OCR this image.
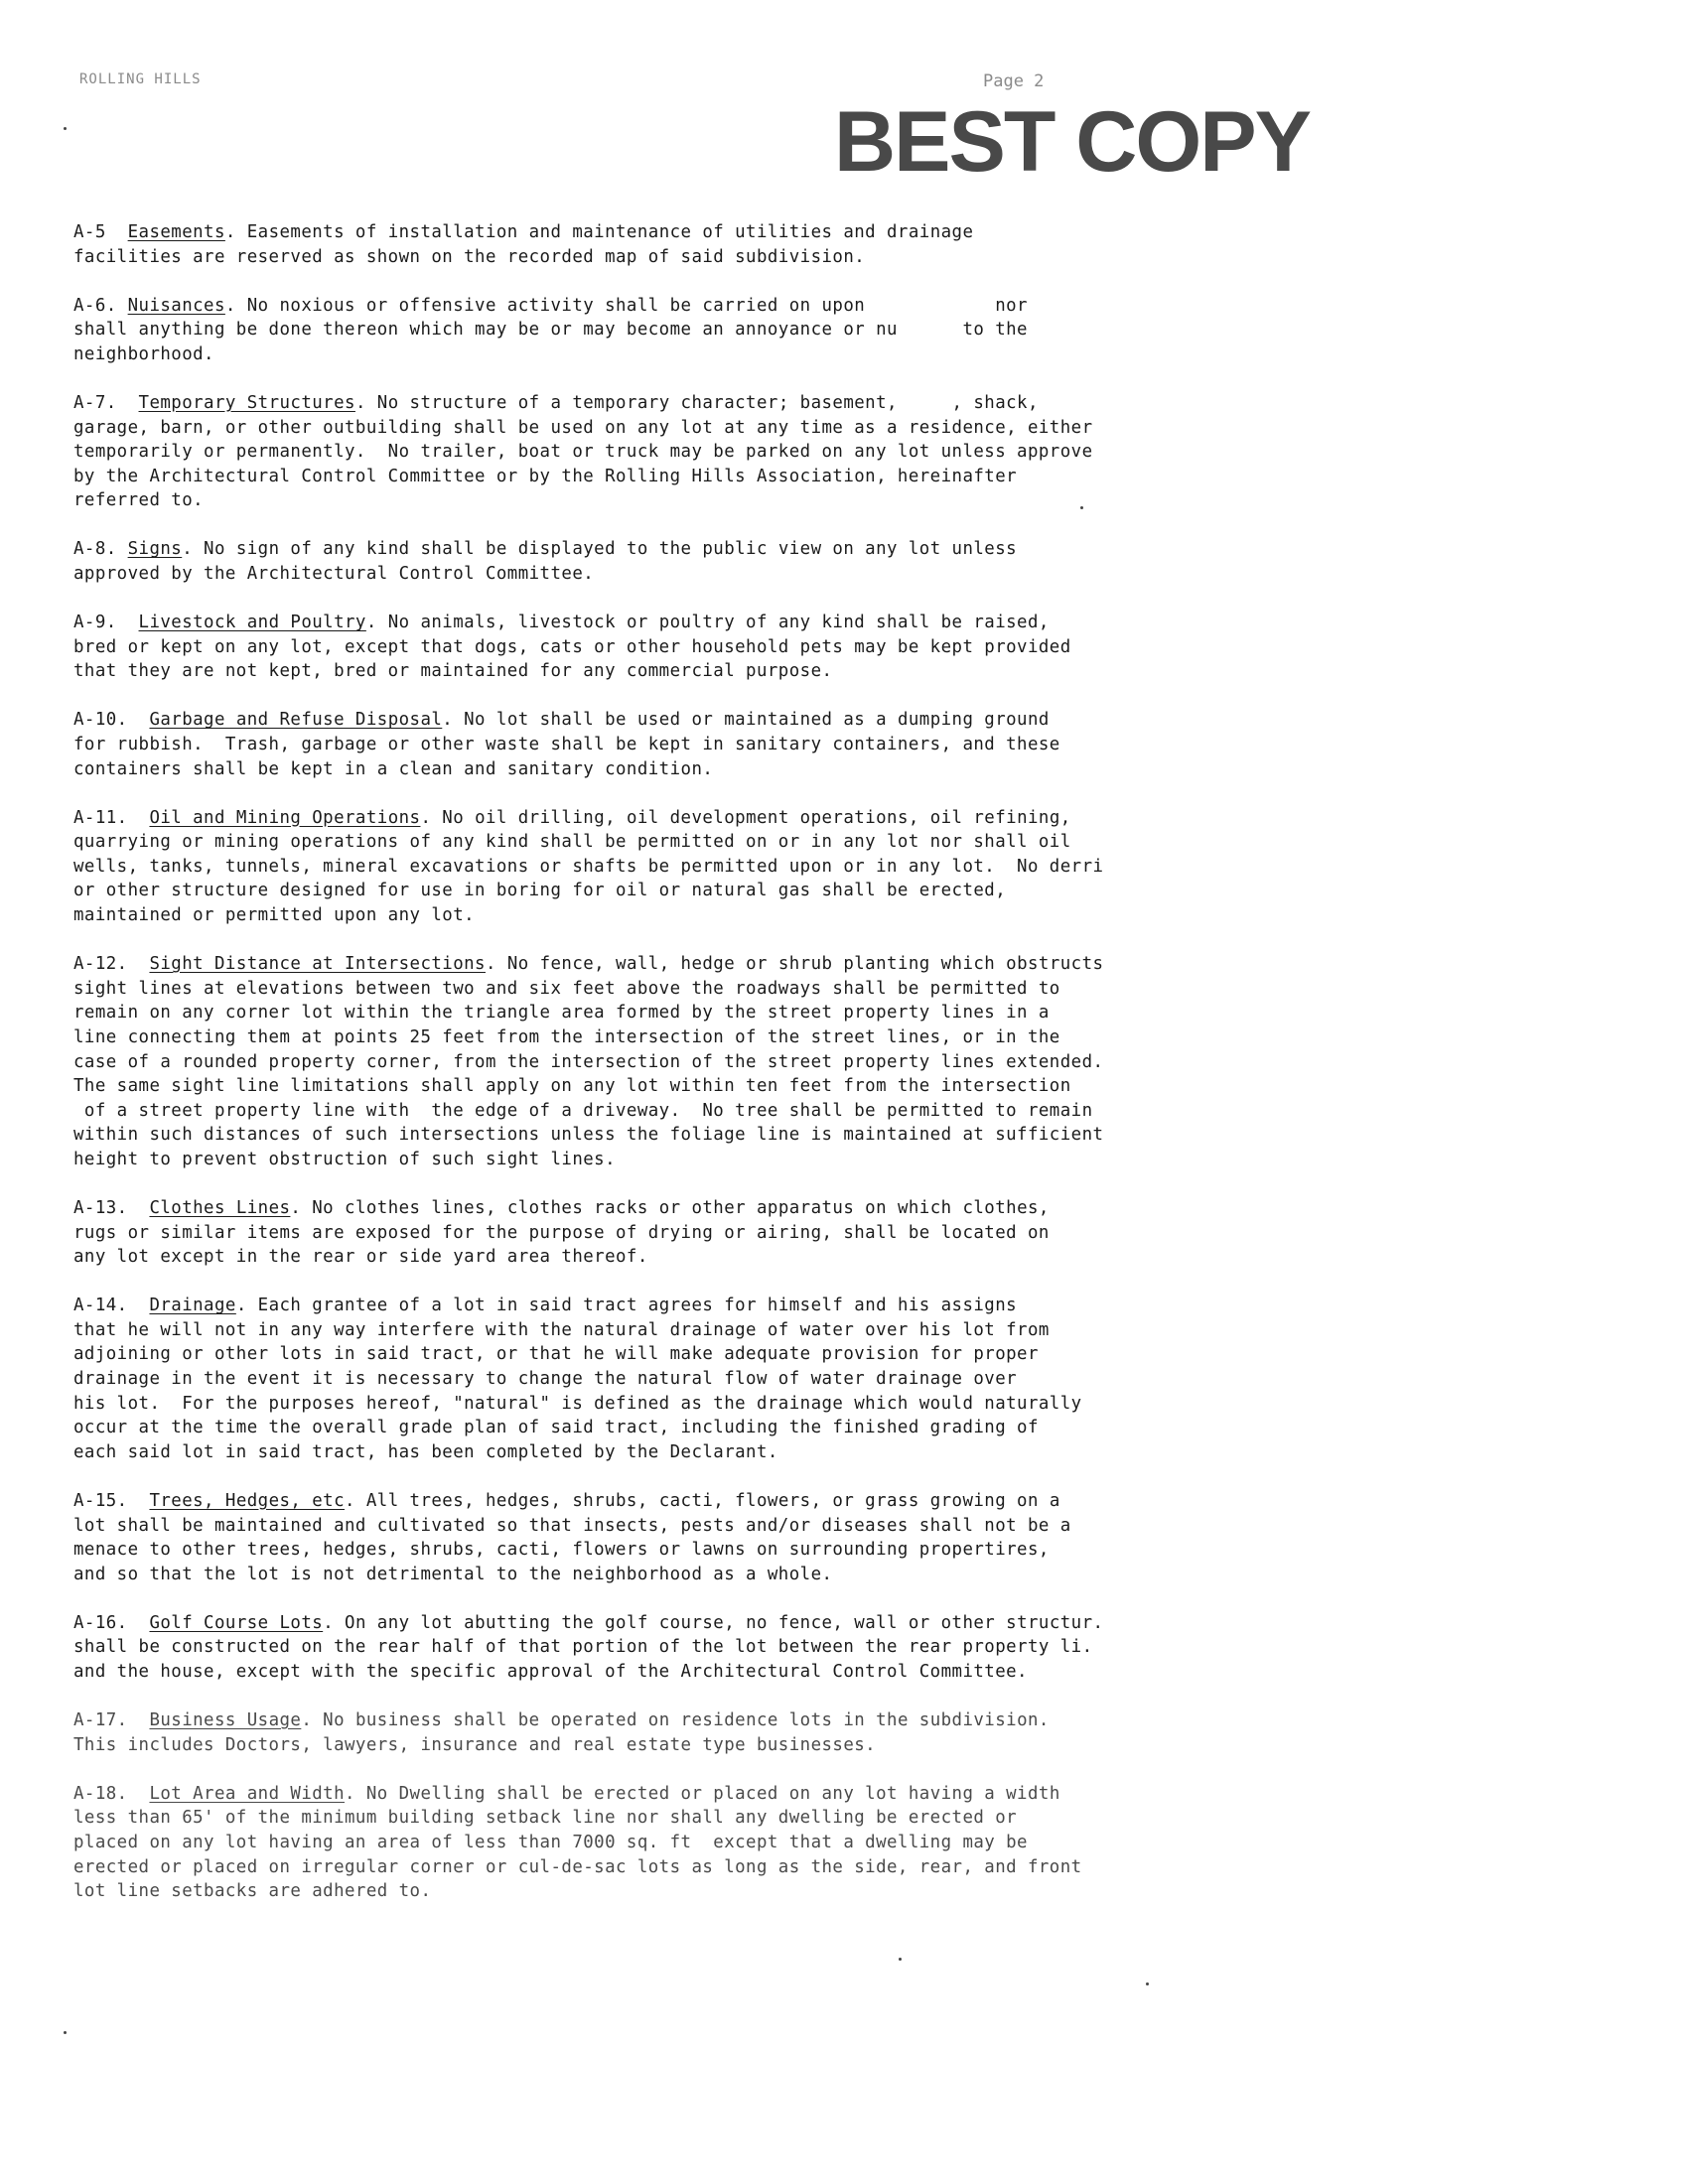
ROLLING HILLS	Page 2
BEST COPY

A-5 Easements. Easements of installation and maintenance of utilities and drainage
facilities are reserved as shown on the recorded map of said subdivision.

A-6. Nuisances. No noxious or offensive activity shall be carried on upon            nor
shall anything be done thereon which may be or may become an annoyance or nu      to the
neighborhood.

A-7. Temporary Structures. No structure of a temporary character; basement,     , shack,
garage, barn, or other outbuilding shall be used on any lot at any time as a residence, either
temporarily or permanently.  No trailer, boat or truck may be parked on any lot unless approve
by the Architectural Control Committee or by the Rolling Hills Association, hereinafter
referred to.

A-8. Signs. No sign of any kind shall be displayed to the public view on any lot unless
approved by the Architectural Control Committee.

A-9. Livestock and Poultry. No animals, livestock or poultry of any kind shall be raised,
bred or kept on any lot, except that dogs, cats or other household pets may be kept provided
that they are not kept, bred or maintained for any commercial purpose.

A-10. Garbage and Refuse Disposal. No lot shall be used or maintained as a dumping ground
for rubbish.  Trash, garbage or other waste shall be kept in sanitary containers, and these
containers shall be kept in a clean and sanitary condition.

A-11. Oil and Mining Operations. No oil drilling, oil development operations, oil refining,
quarrying or mining operations of any kind shall be permitted on or in any lot nor shall oil
wells, tanks, tunnels, mineral excavations or shafts be permitted upon or in any lot.  No derri
or other structure designed for use in boring for oil or natural gas shall be erected,
maintained or permitted upon any lot.

A-12. Sight Distance at Intersections. No fence, wall, hedge or shrub planting which obstructs
sight lines at elevations between two and six feet above the roadways shall be permitted to
remain on any corner lot within the triangle area formed by the street property lines in a
line connecting them at points 25 feet from the intersection of the street lines, or in the
case of a rounded property corner, from the intersection of the street property lines extended.
The same sight line limitations shall apply on any lot within ten feet from the intersection
of a street property line with  the edge of a driveway.  No tree shall be permitted to remain
within such distances of such intersections unless the foliage line is maintained at sufficient
height to prevent obstruction of such sight lines.

A-13. Clothes Lines. No clothes lines, clothes racks or other apparatus on which clothes,
rugs or similar items are exposed for the purpose of drying or airing, shall be located on
any lot except in the rear or side yard area thereof.

A-14. Drainage. Each grantee of a lot in said tract agrees for himself and his assigns
that he will not in any way interfere with the natural drainage of water over his lot from
adjoining or other lots in said tract, or that he will make adequate provision for proper
drainage in the event it is necessary to change the natural flow of water drainage over
his lot.  For the purposes hereof, "natural" is defined as the drainage which would naturally
occur at the time the overall grade plan of said tract, including the finished grading of
each said lot in said tract, has been completed by the Declarant.

A-15. Trees, Hedges, etc. All trees, hedges, shrubs, cacti, flowers, or grass growing on a
lot shall be maintained and cultivated so that insects, pests and/or diseases shall not be a
menace to other trees, hedges, shrubs, cacti, flowers or lawns on surrounding propertires,
and so that the lot is not detrimental to the neighborhood as a whole.

A-16. Golf Course Lots. On any lot abutting the golf course, no fence, wall or other structur.
shall be constructed on the rear half of that portion of the lot between the rear property li.
and the house, except with the specific approval of the Architectural Control Committee.

A-17. Business Usage. No business shall be operated on residence lots in the subdivision.
This includes Doctors, lawyers, insurance and real estate type businesses.

A-18. Lot Area and Width. No Dwelling shall be erected or placed on any lot having a width
less than 65' of the minimum building setback line nor shall any dwelling be erected or
placed on any lot having an area of less than 7000 sq. ft  except that a dwelling may be
erected or placed on irregular corner or cul-de-sac lots as long as the side, rear, and front
lot line setbacks are adhered to.
